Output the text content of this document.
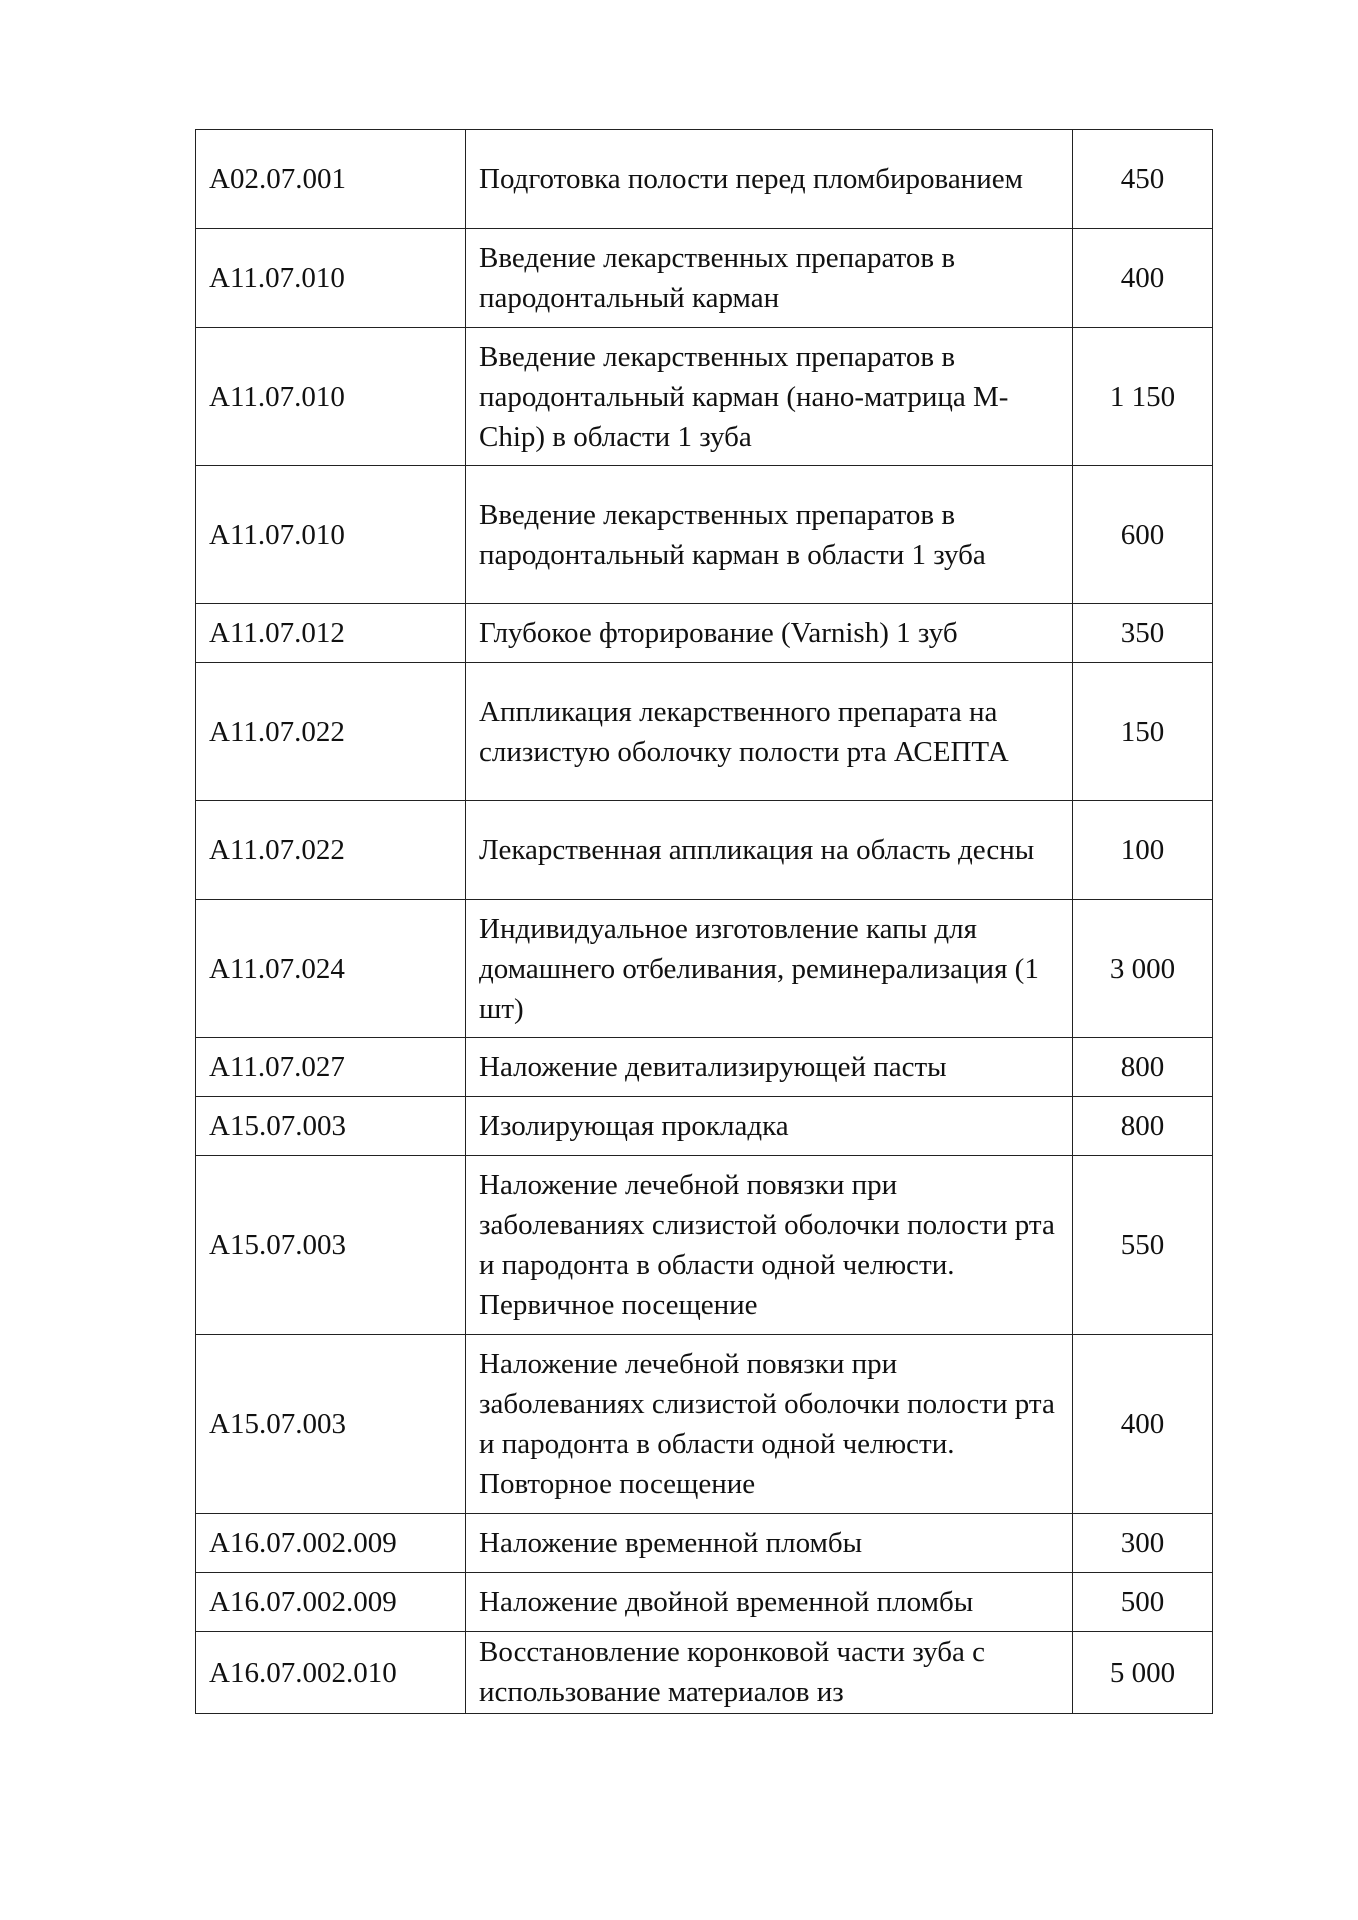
A02.07.001	Подготовка полости перед пломбированием	450
A11.07.010	Введение лекарственных препаратов в пародонтальный карман	400
A11.07.010	Введение лекарственных препаратов в пародонтальный карман (нано-матрица M-Chip) в области 1 зуба	1 150
A11.07.010	Введение лекарственных препаратов в пародонтальный карман в области 1 зуба	600
A11.07.012	Глубокое фторирование (Varnish) 1 зуб	350
A11.07.022	Аппликация лекарственного препарата на слизистую оболочку полости рта АСЕПТА	150
A11.07.022	Лекарственная аппликация на область десны	100
A11.07.024	Индивидуальное изготовление капы для домашнего отбеливания, реминерализация (1 шт)	3 000
A11.07.027	Наложение девитализирующей пасты	800
A15.07.003	Изолирующая прокладка	800
A15.07.003	Наложение лечебной повязки при заболеваниях слизистой оболочки полости рта и пародонта в области одной челюсти. Первичное посещение	550
A15.07.003	Наложение лечебной повязки при заболеваниях слизистой оболочки полости рта и пародонта в области одной челюсти. Повторное посещение	400
A16.07.002.009	Наложение временной пломбы	300
A16.07.002.009	Наложение двойной временной пломбы	500
A16.07.002.010	Восстановление коронковой части зуба с использование материалов из	5 000
